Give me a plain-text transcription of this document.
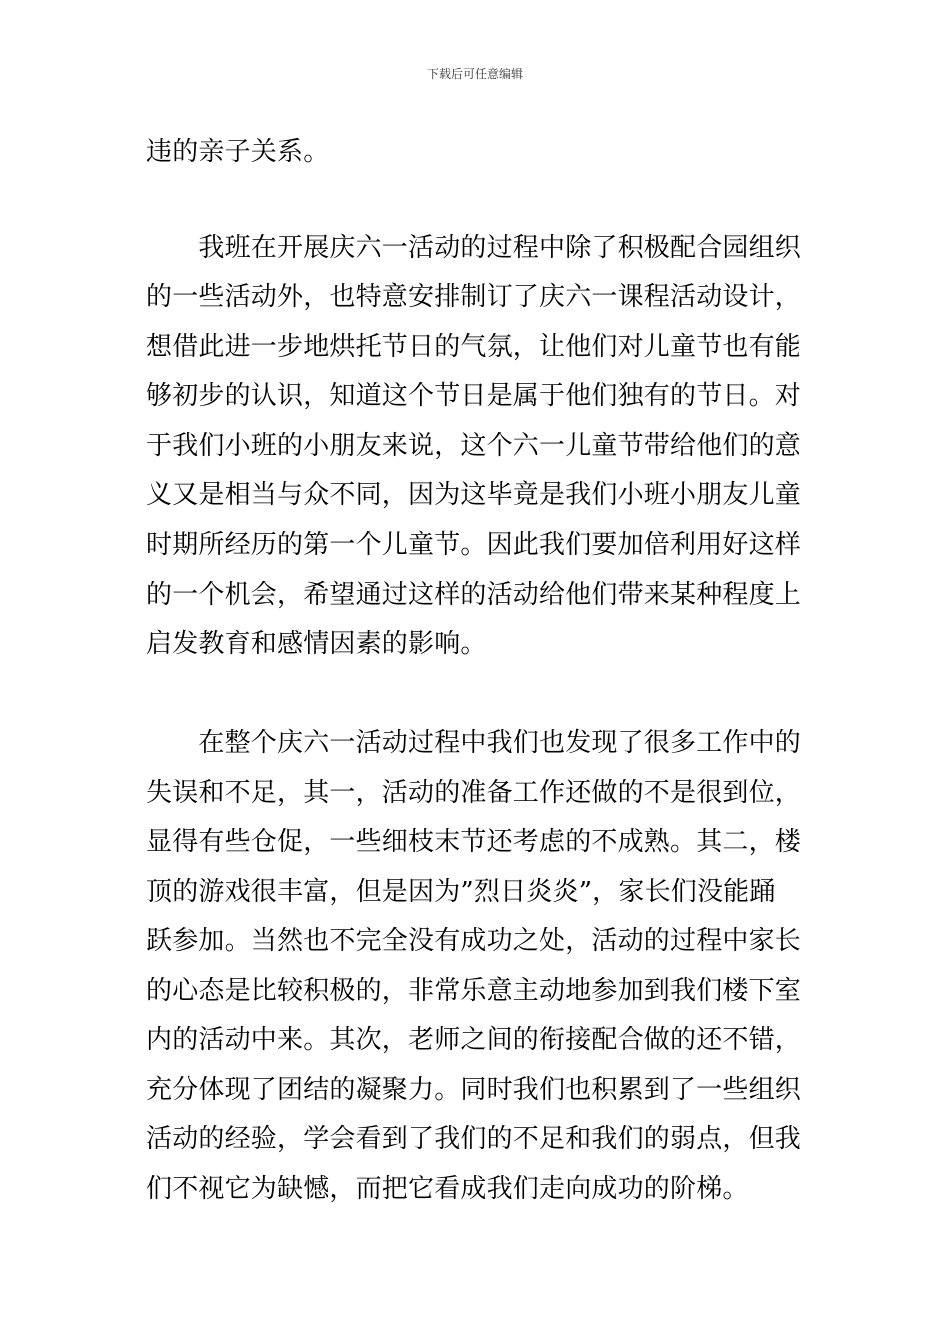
下载后可任意编辑
违的亲子关系。
　　我班在开展庆六一活动的过程中除了积极配合园组织
的一些活动外，也特意安排制订了庆六一课程活动设计，
想借此进一步地烘托节日的气氛，让他们对儿童节也有能
够初步的认识，知道这个节日是属于他们独有的节日。对
于我们小班的小朋友来说，这个六一儿童节带给他们的意
义又是相当与众不同，因为这毕竟是我们小班小朋友儿童
时期所经历的第一个儿童节。因此我们要加倍利用好这样
的一个机会，希望通过这样的活动给他们带来某种程度上
启发教育和感情因素的影响。
　　在整个庆六一活动过程中我们也发现了很多工作中的
失误和不足，其一，活动的准备工作还做的不是很到位，
显得有些仓促，一些细枝末节还考虑的不成熟。其二，楼
顶的游戏很丰富，但是因为”烈日炎炎”，家长们没能踊
跃参加。当然也不完全没有成功之处，活动的过程中家长
的心态是比较积极的，非常乐意主动地参加到我们楼下室
内的活动中来。其次，老师之间的衔接配合做的还不错，
充分体现了团结的凝聚力。同时我们也积累到了一些组织
活动的经验，学会看到了我们的不足和我们的弱点，但我
们不视它为缺憾，而把它看成我们走向成功的阶梯。
